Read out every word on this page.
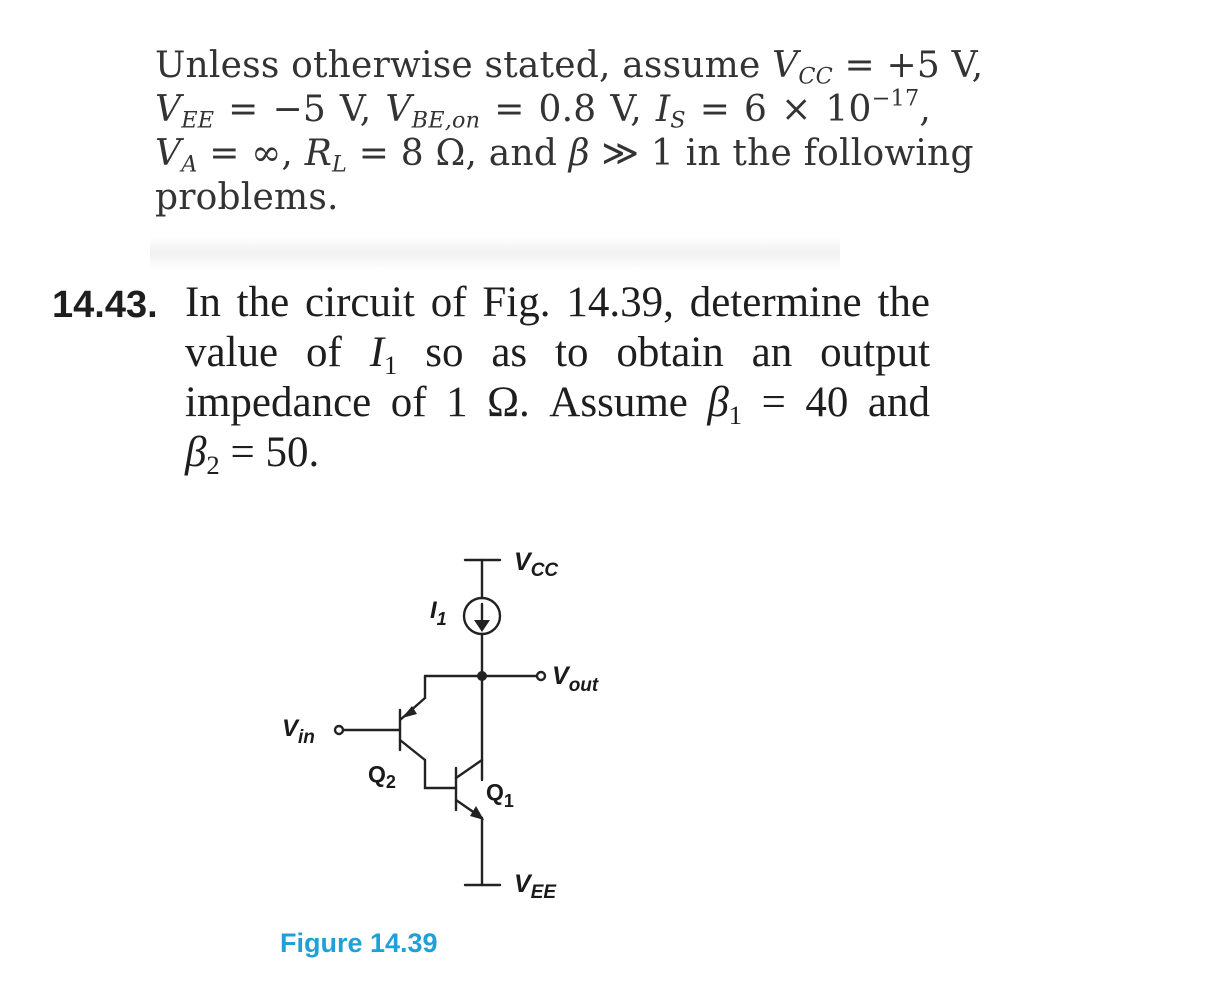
Unless otherwise stated, assume $V_{CC} = +5$ V,
$V_{EE} = -5$ V, $V_{BE,on} = 0.8$ V, $I_S = 6 \times 10^{-17}$,
$V_A$ = ∞, $R_L = 8$ Ω, and β ≫ 1 in the following
problems.
14.43. In the circuit of Fig. 14.39, determine the
value of $I_1$ so as to obtain an output
impedance of 1 Ω. Assume $\beta_1 = 40$ and
$\beta_2 = 50$.
$V_{CC}$
$I_1$
$V_{out}$
$V_{in}$
$Q_2$	$Q_1$
$V_{EE}$
Figure 14.39
